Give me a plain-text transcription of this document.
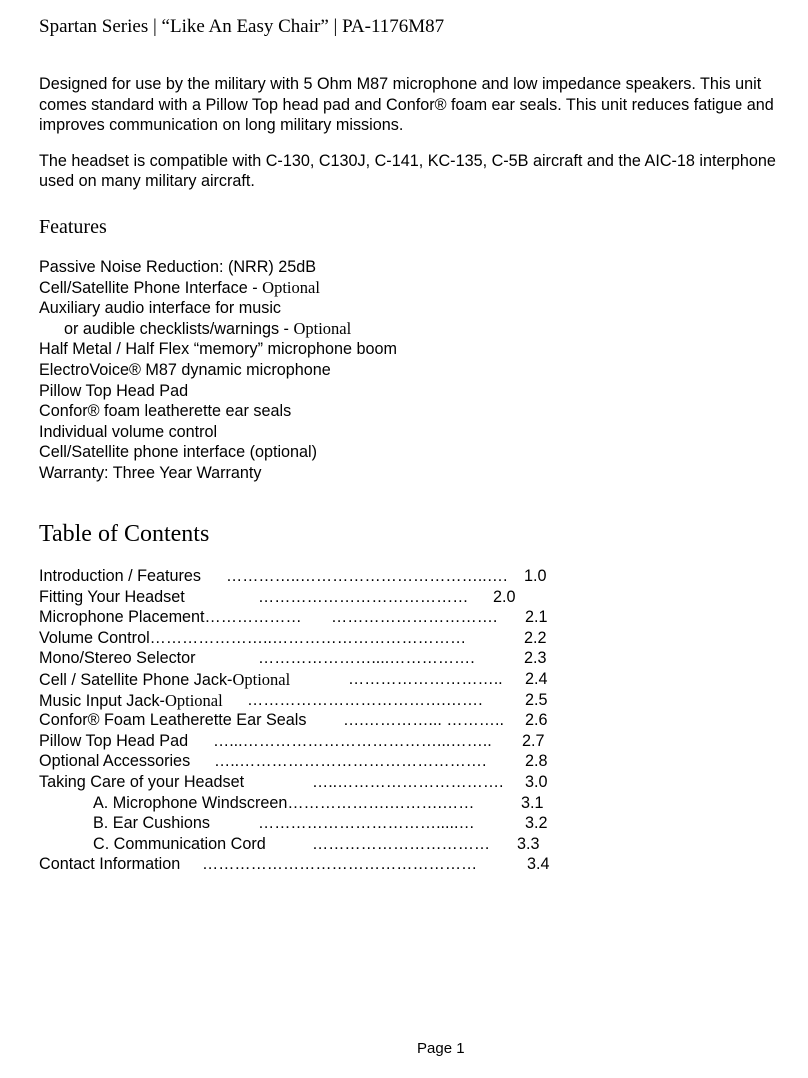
Spartan Series | “Like An Easy Chair” | PA-1176M87

Designed for use by the military with 5 Ohm M87 microphone and low impedance speakers. This unit comes standard with a Pillow Top head pad and Confor® foam ear seals. This unit reduces fatigue and improves communication on long military missions.

The headset is compatible with C-130, C130J, C-141, KC-135, C-5B aircraft and the AIC-18 interphone used on many military aircraft.

Features
Passive Noise Reduction: (NRR) 25dB
Cell/Satellite Phone Interface - Optional
Auxiliary audio interface for music
or audible checklists/warnings - Optional
Half Metal / Half Flex “memory” microphone boom
ElectroVoice® M87 dynamic microphone
Pillow Top Head Pad
Confor® foam leatherette ear seals
Individual volume control
Cell/Satellite phone interface (optional)
Warranty: Three Year Warranty
Table of Contents
Introduction / Features …………..……………………………..…. 1.0
Fitting Your Headset	………………………………… 2.0
Microphone Placement……………… …………………………. 2.1
Volume Control…………………..………………………………	2.2
Mono/Stereo Selector	…………………....…………….	2.3
Cell / Satellite Phone Jack-Optional	……………………….. 2.4
Music Input Jack-Optional ……………………………….…….	2.5
Confor® Foam Leatherette Ear Seals ….…………... ……….. 2.6
Pillow Top Head Pad …...………………………………...…….. 2.7
Optional Accessories …..………………………………………. 2.8
Taking Care of your Headset	…..…………………………. 3.0
A. Microphone Windscreen……………….……….……	3.1
B. Ear Cushions	…………………………….....…	3.2
C. Communication Cord	…………………………… 3.3
Contact Information ……………………………………………	3.4
Page 1
